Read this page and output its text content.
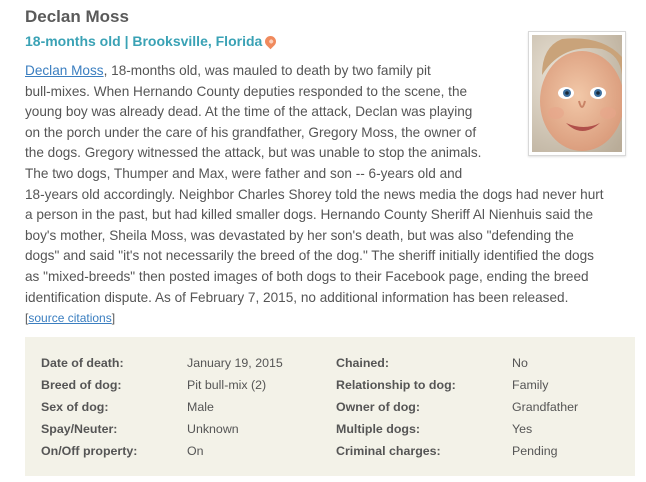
Declan Moss
18-months old | Brooksville, Florida
Declan Moss, 18-months old, was mauled to death by two family pit
bull-mixes. When Hernando County deputies responded to the scene, the
young boy was already dead. At the time of the attack, Declan was playing
on the porch under the care of his grandfather, Gregory Moss, the owner of
the dogs. Gregory witnessed the attack, but was unable to stop the animals.
The two dogs, Thumper and Max, were father and son -- 6-years old and
18-years old accordingly. Neighbor Charles Shorey told the news media the dogs had never hurt
a person in the past, but had killed smaller dogs. Hernando County Sheriff Al Nienhuis said the
boy's mother, Sheila Moss, was devastated by her son's death, but was also "defending the
dogs" and said "it's not necessarily the breed of the dog." The sheriff initially identified the dogs
as "mixed-breeds" then posted images of both dogs to their Facebook page, ending the breed
identification dispute. As of February 7, 2015, no additional information has been released.
[source citations]
Date of death:	January 19, 2015	Chained:	No
Breed of dog:	Pit bull-mix (2)	Relationship to dog:	Family
Sex of dog:	Male	Owner of dog:	Grandfather
Spay/Neuter:	Unknown	Multiple dogs:	Yes
On/Off property:	On	Criminal charges:	Pending
